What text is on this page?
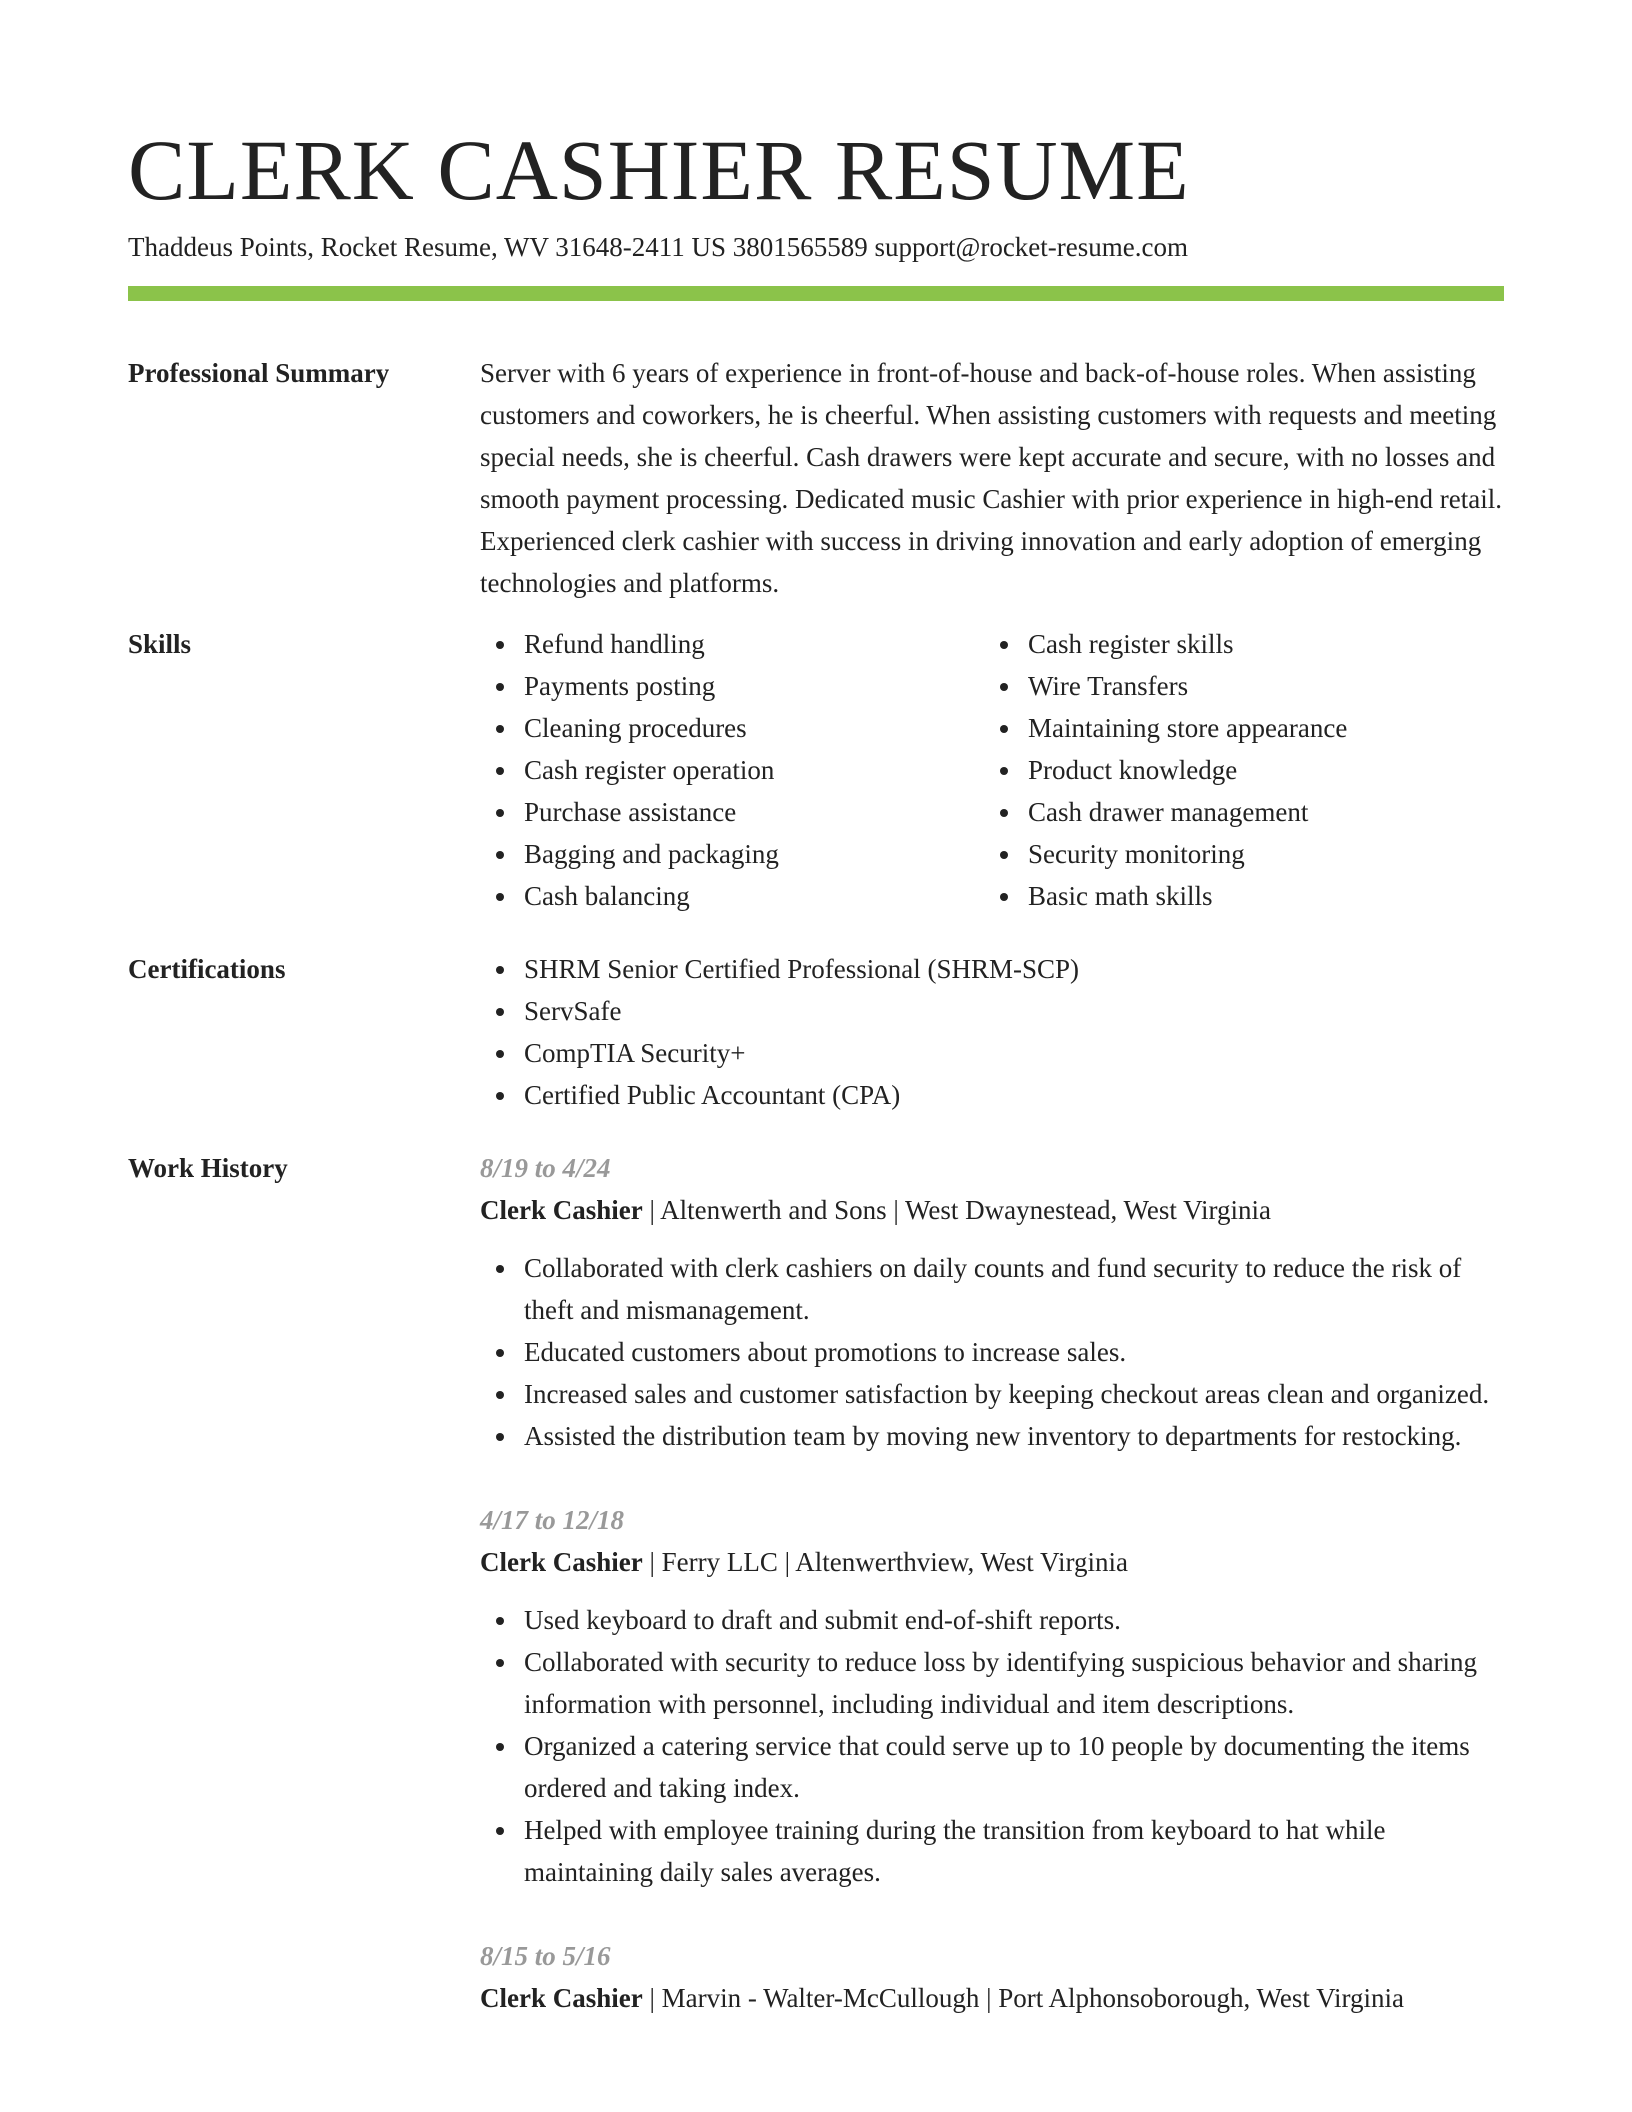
CLERK CASHIER RESUME
Thaddeus Points, Rocket Resume, WV 31648-2411 US 3801565589 support@rocket-resume.com
Professional Summary	Server with 6 years of experience in front-of-house and back-of-house roles. When assisting customers and coworkers, he is cheerful. When assisting customers with requests and meeting special needs, she is cheerful. Cash drawers were kept accurate and secure, with no losses and smooth payment processing. Dedicated music Cashier with prior experience in high-end retail. Experienced clerk cashier with success in driving innovation and early adoption of emerging technologies and platforms.

Skills	Refund handling
Payments posting
Cleaning procedures
Cash register operation
Purchase assistance
Bagging and packaging
Cash balancing
Cash register skills
Wire Transfers
Maintaining store appearance
Product knowledge
Cash drawer management
Security monitoring
Basic math skills
Certifications	SHRM Senior Certified Professional (SHRM-SCP)
ServSafe
CompTIA Security+
Certified Public Accountant (CPA)
Work History	8/19 to 4/24
Clerk Cashier | Altenwerth and Sons | West Dwaynestead, West Virginia
Collaborated with clerk cashiers on daily counts and fund security to reduce the risk of theft and mismanagement.
Educated customers about promotions to increase sales.
Increased sales and customer satisfaction by keeping checkout areas clean and organized.
Assisted the distribution team by moving new inventory to departments for restocking.
4/17 to 12/18
Clerk Cashier | Ferry LLC | Altenwerthview, West Virginia
Used keyboard to draft and submit end-of-shift reports.
Collaborated with security to reduce loss by identifying suspicious behavior and sharing information with personnel, including individual and item descriptions.
Organized a catering service that could serve up to 10 people by documenting the items ordered and taking index.
Helped with employee training during the transition from keyboard to hat while maintaining daily sales averages.
8/15 to 5/16
Clerk Cashier | Marvin - Walter-McCullough | Port Alphonsoborough, West Virginia
